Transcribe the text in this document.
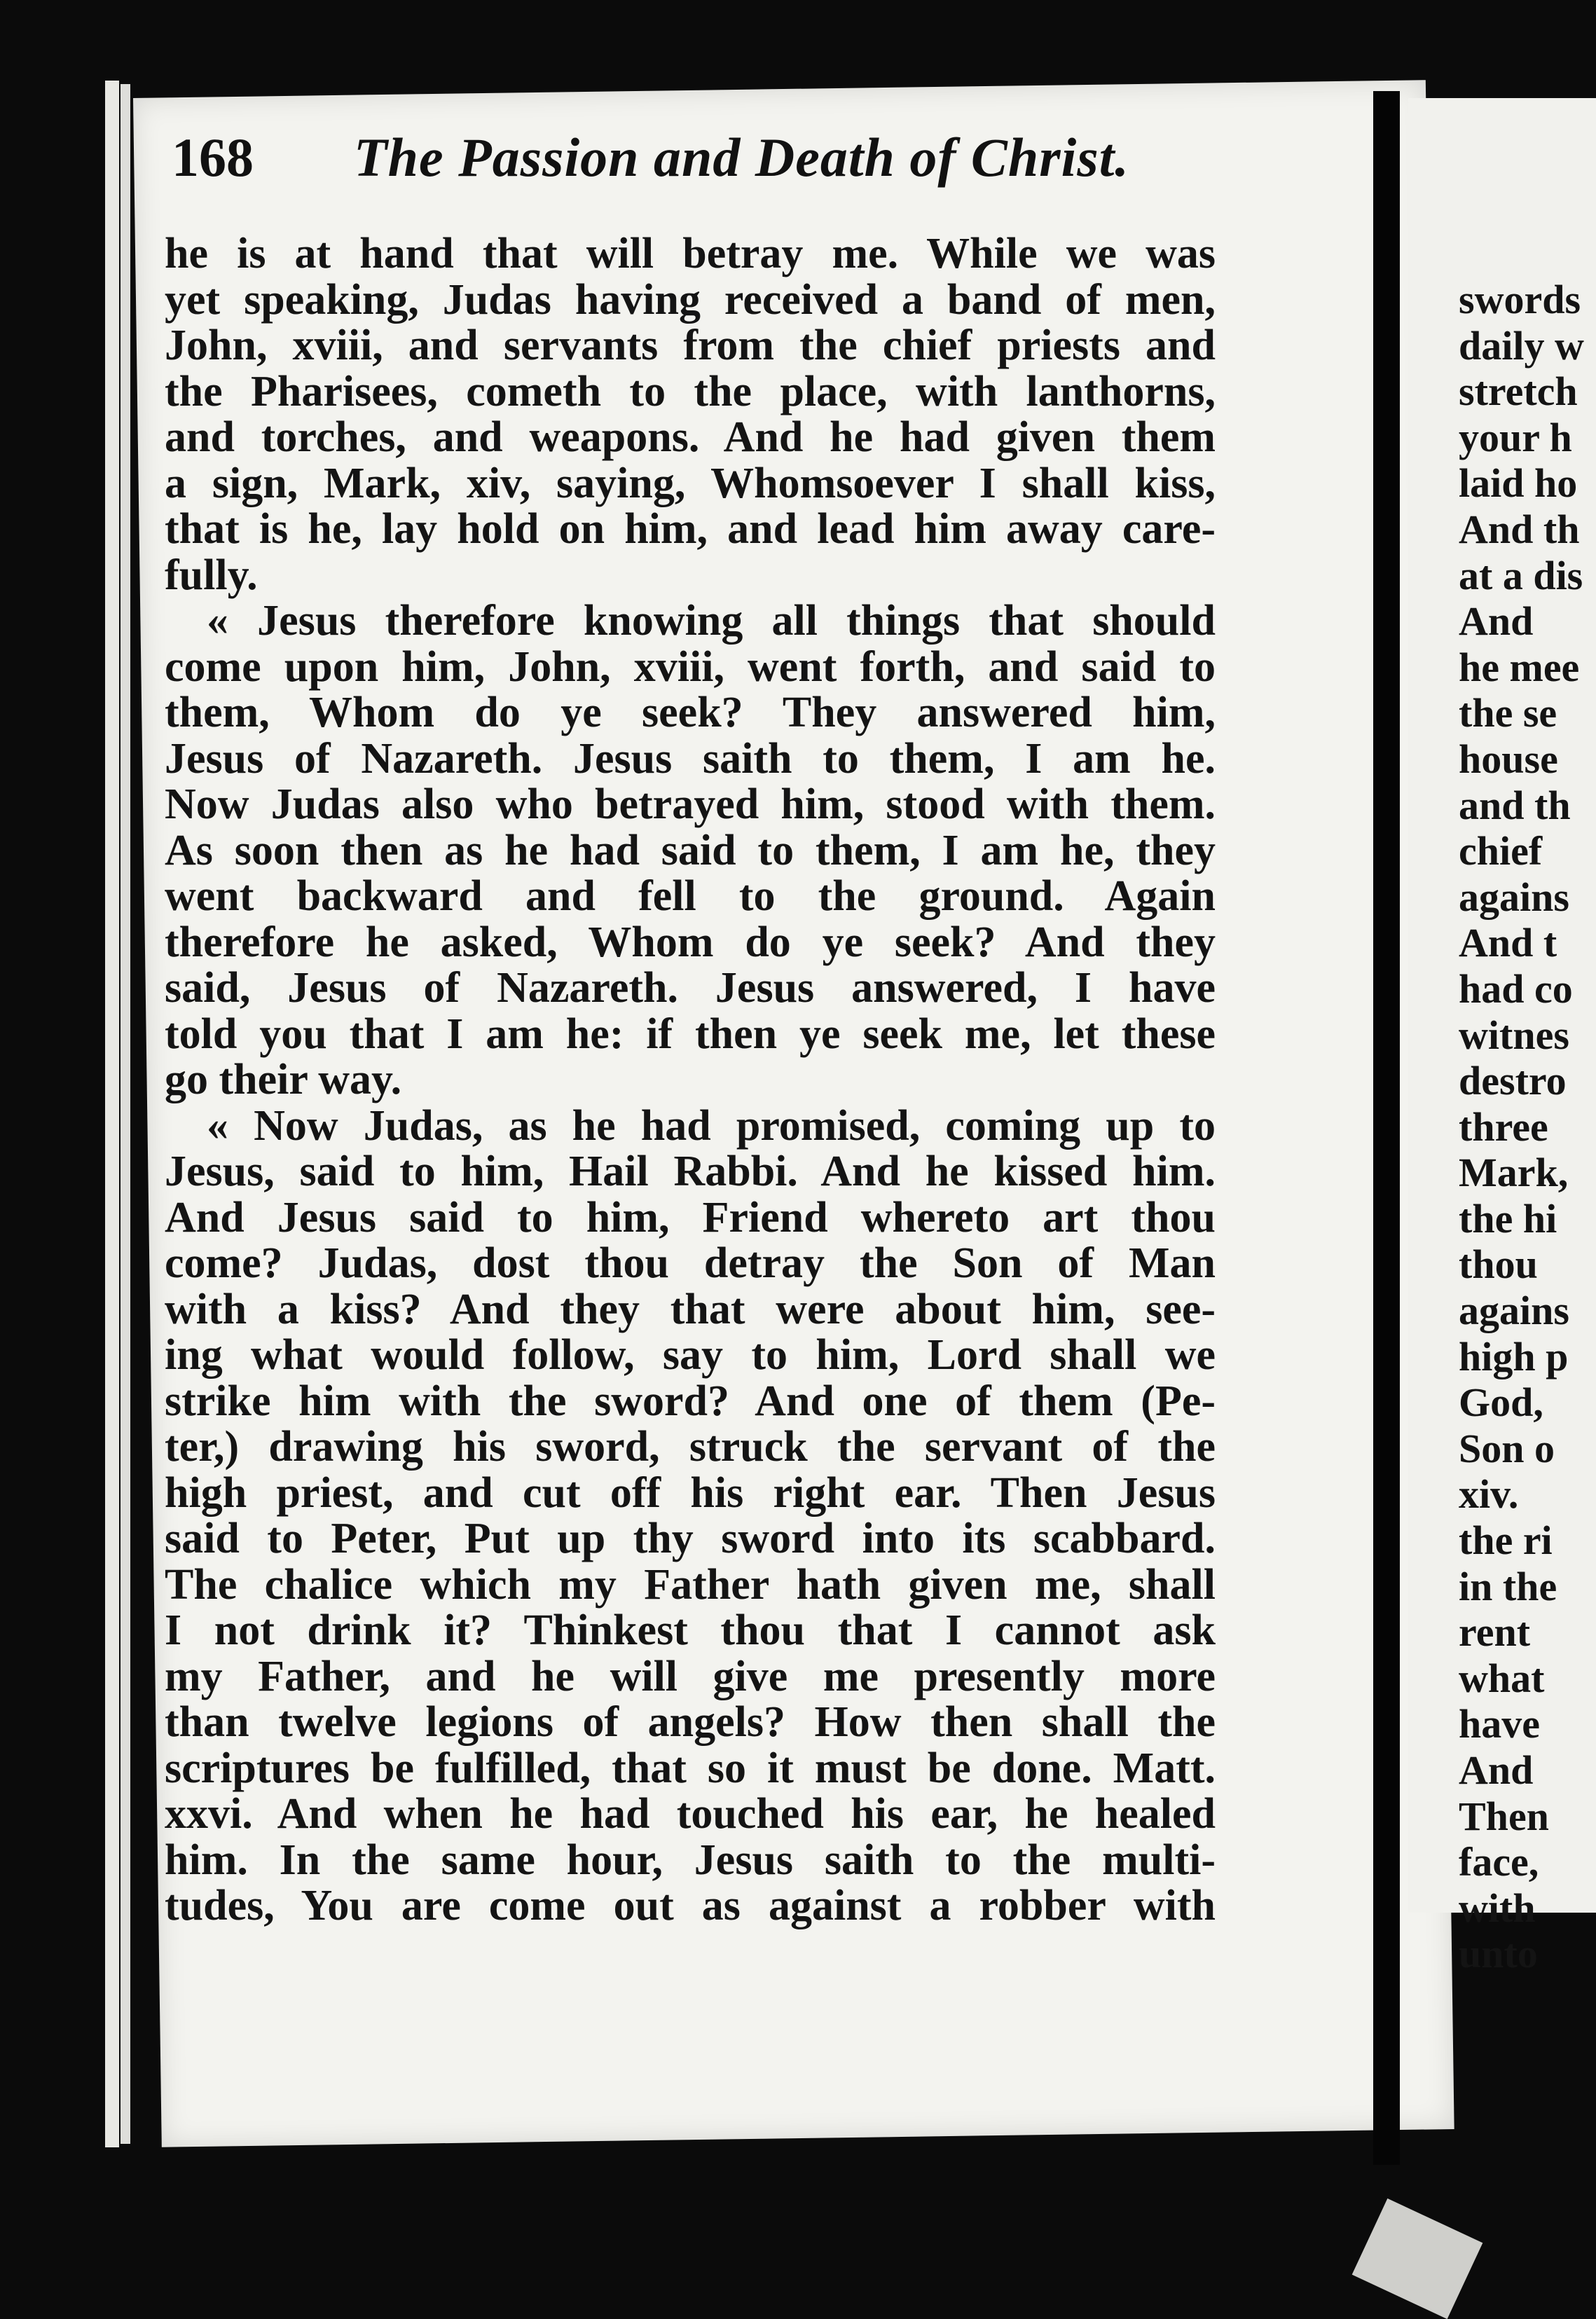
168 The Passion and Death of Christ.
he is at hand that will betray me. While we was
yet speaking, Judas having received a band of men,
John, xviii, and servants from the chief priests and
the Pharisees, cometh to the place, with lanthorns,
and torches, and weapons. And he had given them
a sign, Mark, xiv, saying, Whomsoever I shall kiss,
that is he, lay hold on him, and lead him away care-
fully.
« Jesus therefore knowing all things that should
come upon him, John, xviii, went forth, and said to
them, Whom do ye seek? They answered him,
Jesus of Nazareth. Jesus saith to them, I am he.
Now Judas also who betrayed him, stood with them.
As soon then as he had said to them, I am he, they
went backward and fell to the ground. Again
therefore he asked, Whom do ye seek? And they
said, Jesus of Nazareth. Jesus answered, I have
told you that I am he: if then ye seek me, let these
go their way.
« Now Judas, as he had promised, coming up to
Jesus, said to him, Hail Rabbi. And he kissed him.
And Jesus said to him, Friend whereto art thou
come? Judas, dost thou detray the Son of Man
with a kiss? And they that were about him, see-
ing what would follow, say to him, Lord shall we
strike him with the sword? And one of them (Pe-
ter,) drawing his sword, struck the servant of the
high priest, and cut off his right ear. Then Jesus
said to Peter, Put up thy sword into its scabbard.
The chalice which my Father hath given me, shall
I not drink it? Thinkest thou that I cannot ask
my Father, and he will give me presently more
than twelve legions of angels? How then shall the
scriptures be fulfilled, that so it must be done. Matt.
xxvi. And when he had touched his ear, he healed
him. In the same hour, Jesus saith to the multi-
tudes, You are come out as against a robber with
swords
daily w
stretch
your h
laid ho
And th
at a dis
And
he mee
the se
house
and th
chief
agains
And t
had co
witnes
destro
three
Mark,
the hi
thou
agains
high p
God,
Son o
xiv.
the ri
in the
rent
what
have
And
Then
face,
with
unto
